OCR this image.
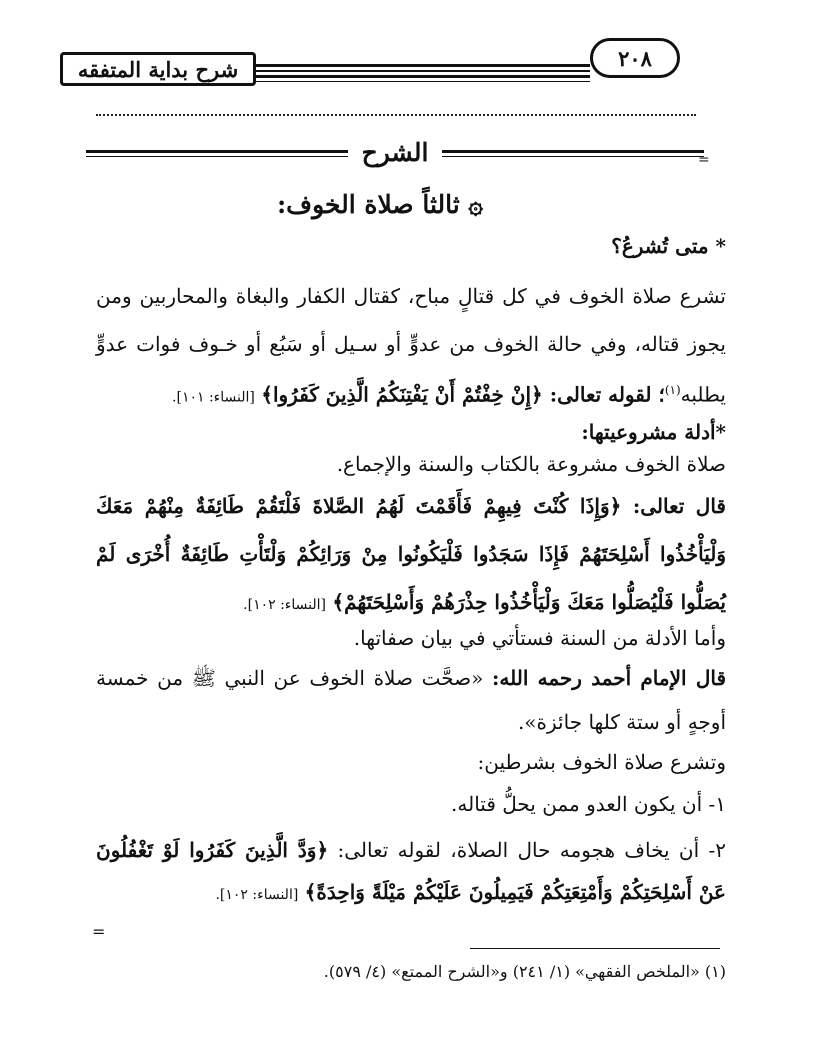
شرح بداية المتفقه	٢٠٨
الشرح	=
۞ ثالثاً صلاة الخوف:
* متى تُشرعُ؟
تشرع صلاة الخوف في كل قتالٍ مباح، كقتال الكفار والبغاة والمحاربين ومن
يجوز قتاله، وفي حالة الخوف من عدوٍّ أو سـيل أو سَبُع أو خـوف فوات عدوٍّ
يطلبه$^{(١)}$؛ لقوله تعالى: ﴿إِنْ خِفْتُمْ أَنْ يَفْتِنَكُمُ الَّذِينَ كَفَرُوا﴾ [النساء: ١٠١].
*أدلة مشروعيتها:
صلاة الخوف مشروعة بالكتاب والسنة والإجماع.
قال تعالى: ﴿وَإِذَا كُنْتَ فِيهِمْ فَأَقَمْتَ لَهُمُ الصَّلاةَ فَلْتَقُمْ طَائِفَةٌ مِنْهُمْ مَعَكَ
وَلْيَأْخُذُوا أَسْلِحَتَهُمْ فَإِذَا سَجَدُوا فَلْيَكُونُوا مِنْ وَرَائِكُمْ وَلْتَأْتِ طَائِفَةٌ أُخْرَى لَمْ
يُصَلُّوا فَلْيُصَلُّوا مَعَكَ وَلْيَأْخُذُوا حِذْرَهُمْ وَأَسْلِحَتَهُمْ﴾ [النساء: ١٠٢].
وأما الأدلة من السنة فستأتي في بيان صفاتها.
قال الإمام أحمد رحمه الله: «صحَّت صلاة الخوف عن النبي ﷺ من خمسة
أوجهٍ أو ستة كلها جائزة».
وتشرع صلاة الخوف بشرطين:
١- أن يكون العدو ممن يحلُّ قتاله.
٢- أن يخاف هجومه حال الصلاة، لقوله تعالى: ﴿وَدَّ الَّذِينَ كَفَرُوا لَوْ تَغْفُلُونَ
عَنْ أَسْلِحَتِكُمْ وَأَمْتِعَتِكُمْ فَيَمِيلُونَ عَلَيْكُمْ مَيْلَةً وَاحِدَةً﴾ [النساء: ١٠٢].
=
(١) «الملخص الفقهي» (١/ ٢٤١) و«الشرح الممتع» (٤/ ٥٧٩).
